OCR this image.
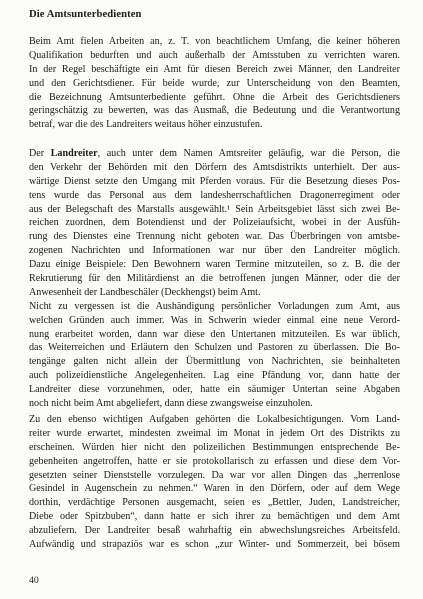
Die Amtsunterbedienten
Beim Amt fielen Arbeiten an, z. T. von beachtlichem Umfang, die keiner höheren
Qualifikation bedurften und auch außerhalb der Amtsstuben zu verrichten waren.
In der Regel beschäftigte ein Amt für diesen Bereich zwei Männer, den Landreiter
und den Gerichtsdiener. Für beide wurde, zur Unterscheidung von den Beamten,
die Bezeichnung Amtsunterbediente geführt. Ohne die Arbeit des Gerichtsdieners
geringschätzig zu bewerten, was das Ausmaß, die Bedeutung und die Verantwortung
betraf, war die des Landreiters weitaus höher einzustufen.
Der Landreiter, auch unter dem Namen Amtsreiter geläufig, war die Person, die
den Verkehr der Behörden mit den Dörfern des Amtsdistrikts unterhielt. Der aus-
wärtige Dienst setzte den Umgang mit Pferden voraus. Für die Besetzung dieses Pos-
tens wurde das Personal aus dem landesherrschaftlichen Dragonerregiment oder
aus der Belegschaft des Marstalls ausgewählt.¹ Sein Arbeitsgebiet lässt sich zwei Be-
reichen zuordnen, dem Botendienst und der Polizeiaufsicht, wobei in der Ausfüh-
rung des Dienstes eine Trennung nicht geboten war. Das Überbringen von amtsbe-
zogenen Nachrichten und Informationen war nur über den Landreiter möglich.
Dazu einige Beispiele: Den Bewohnern waren Termine mitzuteilen, so z. B. die der
Rekrutierung für den Militärdienst an die betroffenen jungen Männer, oder die der
Anwesenheit der Landbeschäler (Deckhengst) beim Amt.
Nicht zu vergessen ist die Aushändigung persönlicher Vorladungen zum Amt, aus
welchen Gründen auch immer. Was in Schwerin wieder einmal eine neue Verord-
nung erarbeitet worden, dann war diese den Untertanen mitzuteilen. Es war üblich,
das Weiterreichen und Erläutern den Schulzen und Pastoren zu überlassen. Die Bo-
tengänge galten nicht allein der Übermittlung von Nachrichten, sie beinhalteten
auch polizeidienstliche Angelegenheiten. Lag eine Pfändung vor, dann hatte der
Landreiter diese vorzunehmen, oder, hatte ein säumiger Untertan seine Abgaben
noch nicht beim Amt abgeliefert, dann diese zwangsweise einzuholen.
Zu den ebenso wichtigen Aufgaben gehörten die Lokalbesichtigungen. Vom Land-
reiter wurde erwartet, mindesten zweimal im Monat in jedem Ort des Distrikts zu
erscheinen. Würden hier nicht den polizeilichen Bestimmungen entsprechende Be-
gebenheiten angetroffen, hatte er sie protokollarisch zu erfassen und diese dem Vor-
gesetzten seiner Dienststelle vorzulegen. Da war vor allen Dingen das „herrenlose
Gesindel in Augenschein zu nehmen.“ Waren in den Dörfern, oder auf dem Wege
dorthin, verdächtige Personen ausgemacht, seien es „Bettler, Juden, Landstreicher,
Diebe oder Spitzbuben“, dann hatte er sich ihrer zu bemächtigen und dem Amt
abzuliefern. Der Landreiter besaß wahrhaftig ein abwechslungsreiches Arbeitsfeld.
Aufwändig und strapaziös war es schon „zur Winter- und Sommerzeit, bei bösem
40
